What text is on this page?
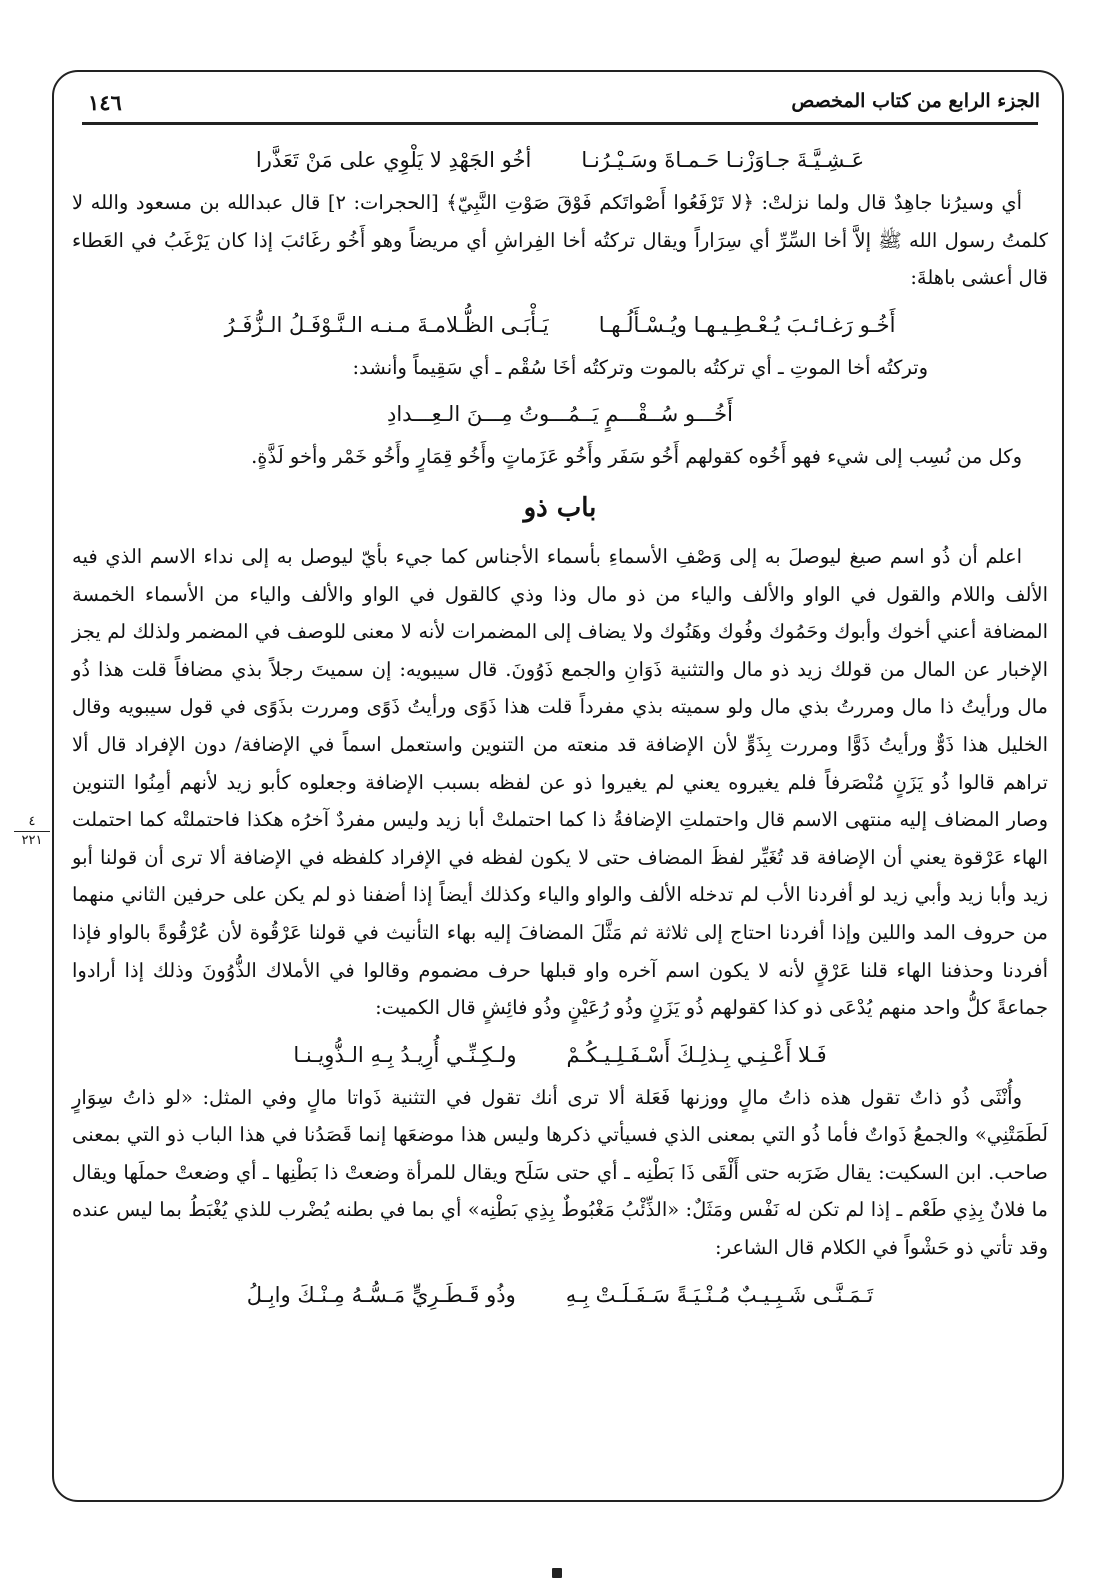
الجزء الرابع من كتاب المخصص
١٤٦
٤
٢٢١
عَـشِـيَّـةَ جـاوَزْنـا حَـمـاةَ وسَـيْـرُنـا
أخُو الجَهْدِ لا يَلْوِي على مَنْ تَعَذَّرا

أي وسيرُنا جاهِدٌ قال ولما نزلتْ: ﴿لا تَرْفَعُوا أَصْواتَكم فَوْقَ صَوْتِ النَّبِيّ﴾ [الحجرات: ٢] قال عبدالله بن مسعود والله لا كلمتُ رسول الله ﷺ إلاَّ أخا السِّرِّ أي سِرَاراً ويقال تركتُه أخا الفِراشِ أي مريضاً وهو أَخُو رغَائبَ إذا كان يَرْغَبُ في العَطاء قال أعشى باهلةَ:

أَخُـو رَغـائـبَ يُـعْـطِـيـهـا ويُـسْـأَلُـهـا
يَـأْبَـى الظُّـلامـةَ مـنـه الـنَّـوْفَـلُ الـزُّفَـرُ

وتركتُه أخا الموتِ ـ أي تركتُه بالموت وتركتُه أخَا سُقْم ـ أي سَقِيماً وأنشد:

أَخُـــو سُــقْـــمٍ يَــمُـــوتُ مِـــنَ الـعِـــدادِ

وكل من نُسِب إلى شيء فهو أَخُوه كقولهم أَخُو سَفَر وأَخُو عَزَماتٍ وأَخُو قِمَارٍ وأَخُو خَمْر وأخو لَذَّةٍ.

باب ذو

اعلم أن ذُو اسم صيغ ليوصلَ به إلى وَصْفِ الأسماءِ بأسماء الأجناس كما جيء بأيّ ليوصل به إلى نداء الاسم الذي فيه الألف واللام والقول في الواو والألف والياء من ذو مال وذا وذي كالقول في الواو والألف والياء من الأسماء الخمسة المضافة أعني أخوك وأبوك وحَمُوك وفُوك وهَنُوك ولا يضاف إلى المضمرات لأنه لا معنى للوصف في المضمر ولذلك لم يجز الإخبار عن المال من قولك زيد ذو مال والتثنية ذَوَانِ والجمع ذَوُونَ. قال سيبويه: إن سميتَ رجلاً بذي مضافاً قلت هذا ذُو مال ورأيتُ ذا مال ومررتُ بذي مال ولو سميته بذي مفرداً قلت هذا ذَوًى ورأيتُ ذَوًى ومررت بذَوًى في قول سيبويه وقال الخليل هذا ذَوٌّ ورأيتُ ذَوًّا ومررت بِذَوٍّ لأن الإضافة قد منعته من التنوين واستعمل اسماً في الإضافة/ دون الإفراد قال ألا تراهم قالوا ذُو يَزَنٍ مُنْصَرفاً فلم يغيروه يعني لم يغيروا ذو عن لفظه بسبب الإضافة وجعلوه كأبو زيد لأنهم أمِنُوا التنوين وصار المضاف إليه منتهى الاسم قال واحتملتِ الإضافةُ ذا كما احتملتْ أبا زيد وليس مفردٌ آخرُه هكذا فاحتملتْه كما احتملت الهاء عَرْقوة يعني أن الإضافة قد تُغَيِّر لفظَ المضاف حتى لا يكون لفظه في الإفراد كلفظه في الإضافة ألا ترى أن قولنا أبو زيد وأبا زيد وأبي زيد لو أفردنا الأب لم تدخله الألف والواو والياء وكذلك أيضاً إذا أضفنا ذو لم يكن على حرفين الثاني منهما من حروف المد واللين وإذا أفردنا احتاج إلى ثلاثة ثم مَثَّلَ المضافَ إليه بهاء التأنيث في قولنا عَرْقُوة لأن عُرْقُوةً بالواو فإذا أفردنا وحذفنا الهاء قلنا عَرْقٍ لأنه لا يكون اسم آخره واو قبلها حرف مضموم وقالوا في الأملاك الذُّوُونَ وذلك إذا أرادوا جماعةً كلُّ واحد منهم يُدْعَى ذو كذا كقولهم ذُو يَزَنٍ وذُو رُعَيْنٍ وذُو فائِشٍ قال الكميت:

فَـلا أَعْـنِـي بِـذلِـكَ أَسْـفَـلِـيـكُـمْ
ولـكِـنِّـي أُرِيـدُ بِـهِ الـذُّوِيـنـا

وأُنْثَى ذُو ذاتٌ تقول هذه ذاتُ مالٍ ووزنها فَعَلة ألا ترى أنك تقول في التثنية ذَواتا مالٍ وفي المثل: «لو ذاتُ سِوَارٍ لَطَمَتْنِي» والجمعُ ذَواتٌ فأما ذُو التي بمعنى الذي فسيأتي ذكرها وليس هذا موضعَها إنما قَصَدُنا في هذا الباب ذو التي بمعنى صاحب. ابن السكيت: يقال ضَرَبه حتى أَلْقَى ذَا بَطْنِه ـ أي حتى سَلَح ويقال للمرأة وضعتْ ذا بَطْنِها ـ أي وضعتْ حملَها ويقال ما فلانٌ بِذِي طَعْم ـ إذا لم تكن له نَفْس ومَثَلٌ: «الذِّئْبُ مَغْبُوطٌ بِذِي بَطْنِه» أي بما في بطنه يُضْرب للذي يُغْبَطُ بما ليس عنده وقد تأتي ذو حَشْواً في الكلام قال الشاعر:

تَـمَـنَّـى شَـبِـيـبٌ مُـنْـيَـةً سَـفَـلَـتْ بِـهِ
وذُو قَـطَـرِيٍّ مَـسُّـهُ مِـنْـكَ وابِـلُ
